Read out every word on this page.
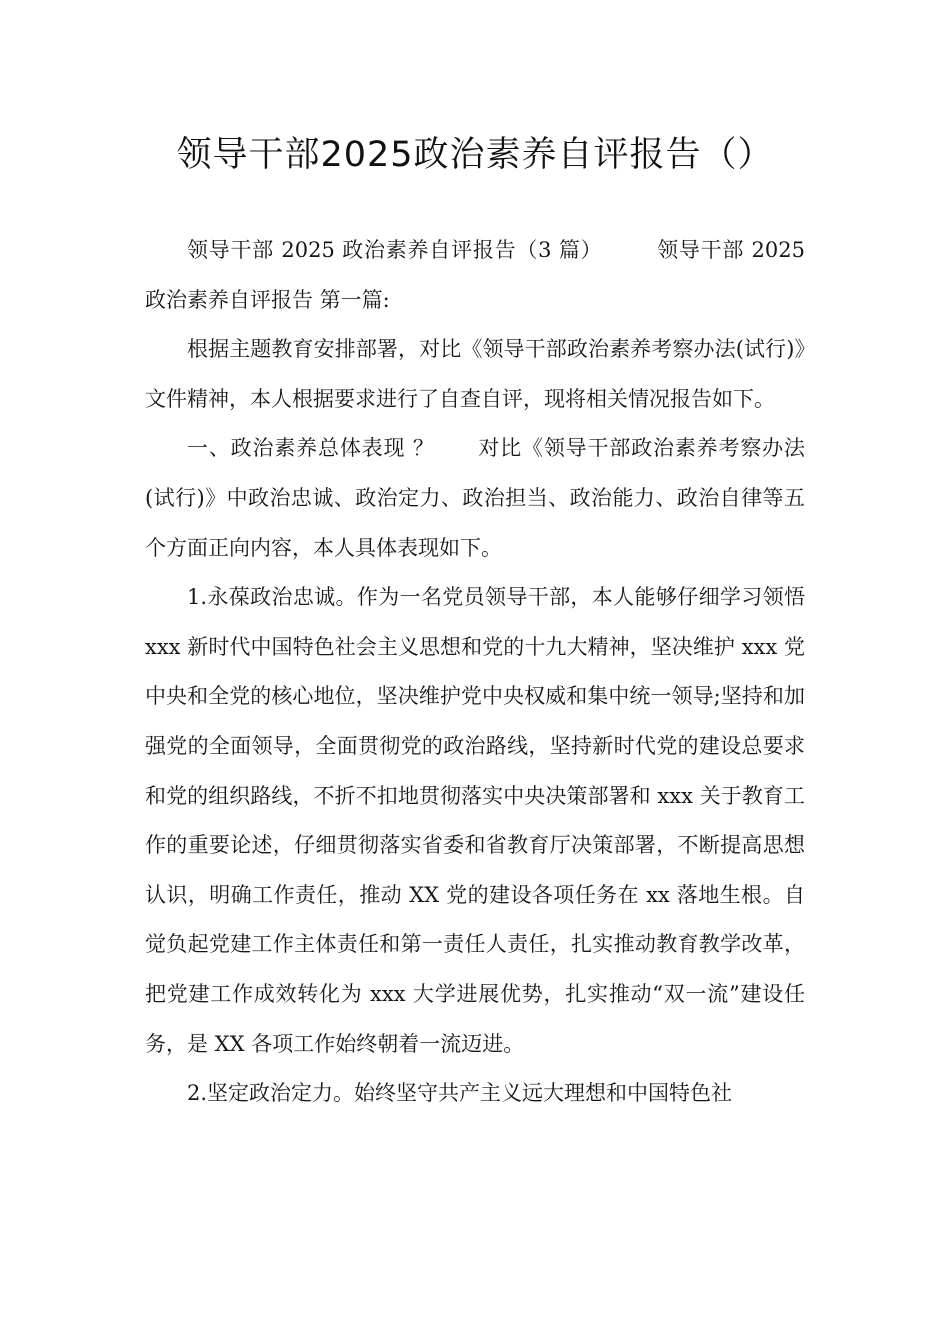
领导干部2025政治素养自评报告（）

领导干部 2025 政治素养自评报告（3 篇）　　　领导干部 2025 政治素养自评报告 第一篇:

根据主题教育安排部署，对比《领导干部政治素养考察办法(试行)》文件精神，本人根据要求进行了自查自评，现将相关情况报告如下。

一、政治素养总体表现 ？　　对比《领导干部政治素养考察办法(试行)》中政治忠诚、政治定力、政治担当、政治能力、政治自律等五个方面正向内容，本人具体表现如下。

1.永葆政治忠诚。作为一名党员领导干部，本人能够仔细学习领悟 xxx 新时代中国特色社会主义思想和党的十九大精神，坚决维护 xxx 党中央和全党的核心地位，坚决维护党中央权威和集中统一领导;坚持和加强党的全面领导，全面贯彻党的政治路线，坚持新时代党的建设总要求和党的组织路线，不折不扣地贯彻落实中央决策部署和 xxx 关于教育工作的重要论述，仔细贯彻落实省委和省教育厅决策部署，不断提高思想认识，明确工作责任，推动 XX 党的建设各项任务在 xx 落地生根。自觉负起党建工作主体责任和第一责任人责任，扎实推动教育教学改革，把党建工作成效转化为 xxx 大学进展优势，扎实推动“双一流”建设任务，是 XX 各项工作始终朝着一流迈进。

2.坚定政治定力。始终坚守共产主义远大理想和中国特色社
